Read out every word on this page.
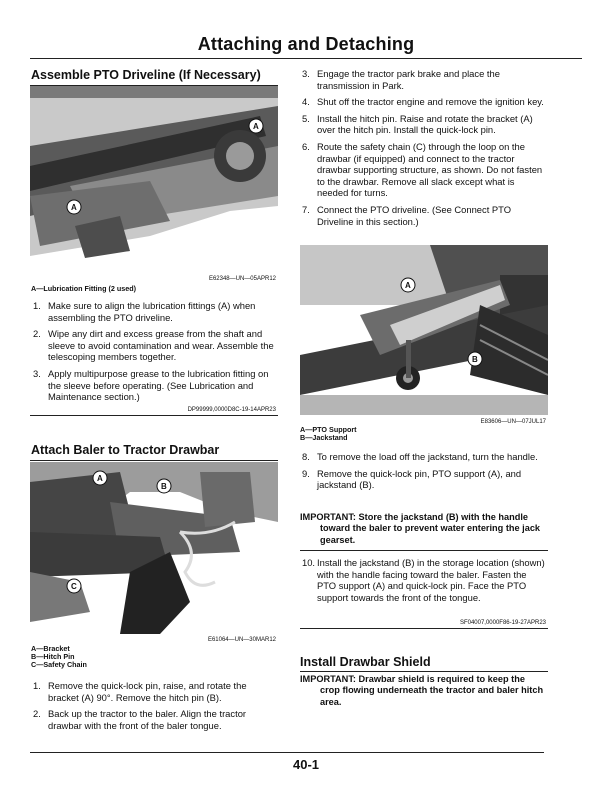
Attaching and Detaching
Assemble PTO Driveline (If Necessary)
A
A
E62348—UN—05APR12
A—Lubrication Fitting (2 used)
1. Make sure to align the lubrication fittings (A) when assembling the PTO driveline.
2. Wipe any dirt and excess grease from the shaft and sleeve to avoid contamination and wear. Assemble the telescoping members together.
3. Apply multipurpose grease to the lubrication fitting on the sleeve before operating. (See Lubrication and Maintenance section.)
DP99999,0000D8C-19-14APR23
Attach Baler to Tractor Drawbar
A
B
C
E61064—UN—30MAR12
A—Bracket
B—Hitch Pin
C—Safety Chain
1. Remove the quick-lock pin, raise, and rotate the bracket (A) 90°. Remove the hitch pin (B).
2. Back up the tractor to the baler. Align the tractor drawbar with the front of the baler tongue.
3. Engage the tractor park brake and place the transmission in Park.
4. Shut off the tractor engine and remove the ignition key.
5. Install the hitch pin. Raise and rotate the bracket (A) over the hitch pin. Install the quick-lock pin.
6. Route the safety chain (C) through the loop on the drawbar (if equipped) and connect to the tractor drawbar supporting structure, as shown. Do not fasten to the drawbar. Remove all slack except what is needed for turns.
7. Connect the PTO driveline. (See Connect PTO Driveline in this section.)
A
B
E83606—UN—07JUL17
A—PTO Support
B—Jackstand
8. To remove the load off the jackstand, turn the handle.
9. Remove the quick-lock pin, PTO support (A), and jackstand (B).
IMPORTANT: Store the jackstand (B) with the handle
toward the baler to prevent water entering the jack gearset.
10. Install the jackstand (B) in the storage location (shown) with the handle facing toward the baler. Fasten the PTO support (A) and quick-lock pin. Face the PTO support towards the front of the tongue.
SF04007,0000F86-19-27APR23
Install Drawbar Shield
IMPORTANT: Drawbar shield is required to keep the
crop flowing underneath the tractor and baler hitch area.
40-1
